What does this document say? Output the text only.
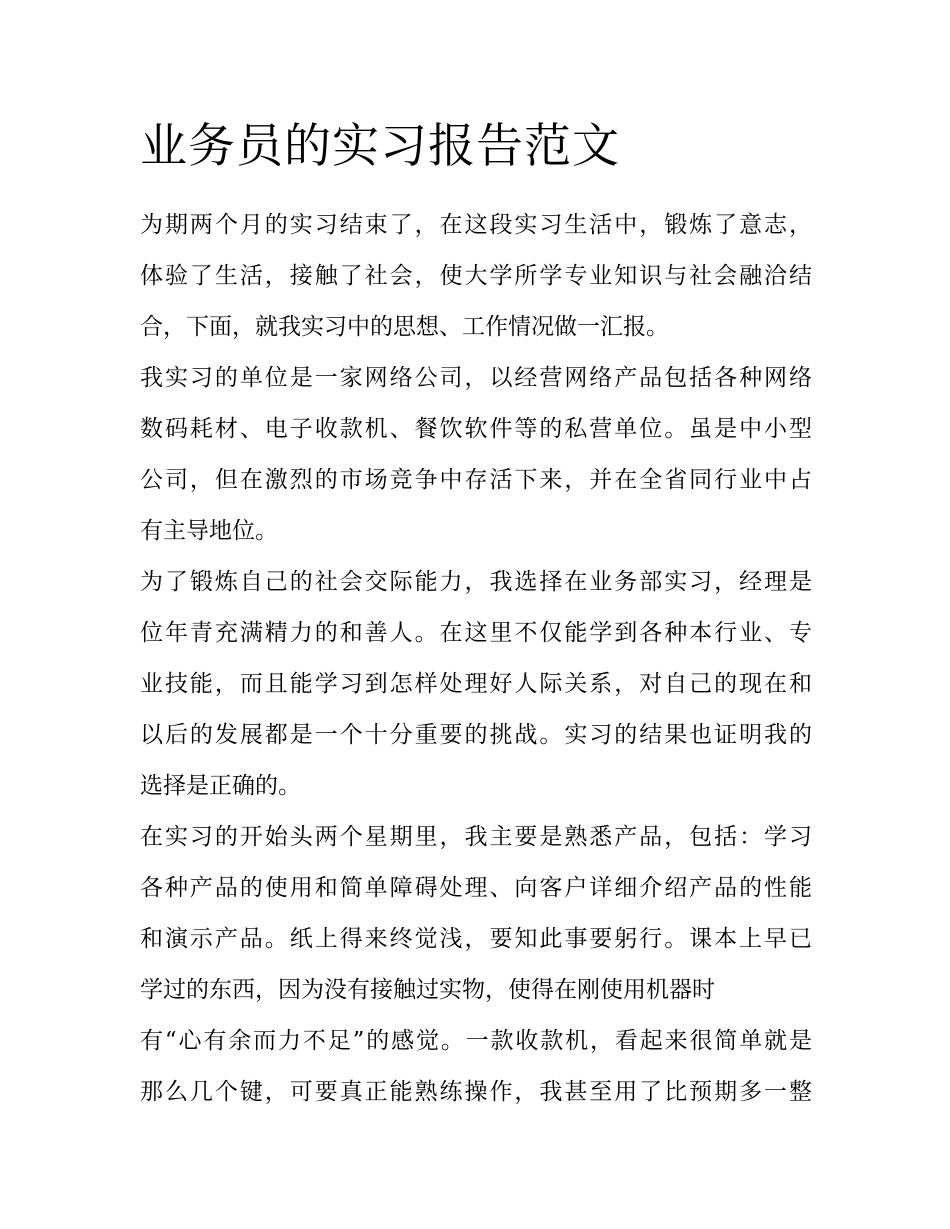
业务员的实习报告范文
为期两个月的实习结束了，在这段实习生活中，锻炼了意志，
体验了生活，接触了社会，使大学所学专业知识与社会融洽结
合，下面，就我实习中的思想、工作情况做一汇报。
我实习的单位是一家网络公司，以经营网络产品包括各种网络
数码耗材、电子收款机、餐饮软件等的私营单位。虽是中小型
公司，但在激烈的市场竞争中存活下来，并在全省同行业中占
有主导地位。
为了锻炼自己的社会交际能力，我选择在业务部实习，经理是
位年青充满精力的和善人。在这里不仅能学到各种本行业、专
业技能，而且能学习到怎样处理好人际关系，对自己的现在和
以后的发展都是一个十分重要的挑战。实习的结果也证明我的
选择是正确的。
在实习的开始头两个星期里，我主要是熟悉产品，包括：学习
各种产品的使用和简单障碍处理、向客户详细介绍产品的性能
和演示产品。纸上得来终觉浅，要知此事要躬行。课本上早已
学过的东西，因为没有接触过实物，使得在刚使用机器时
有“心有余而力不足”的感觉。一款收款机，看起来很简单就是
那么几个键，可要真正能熟练操作，我甚至用了比预期多一整
